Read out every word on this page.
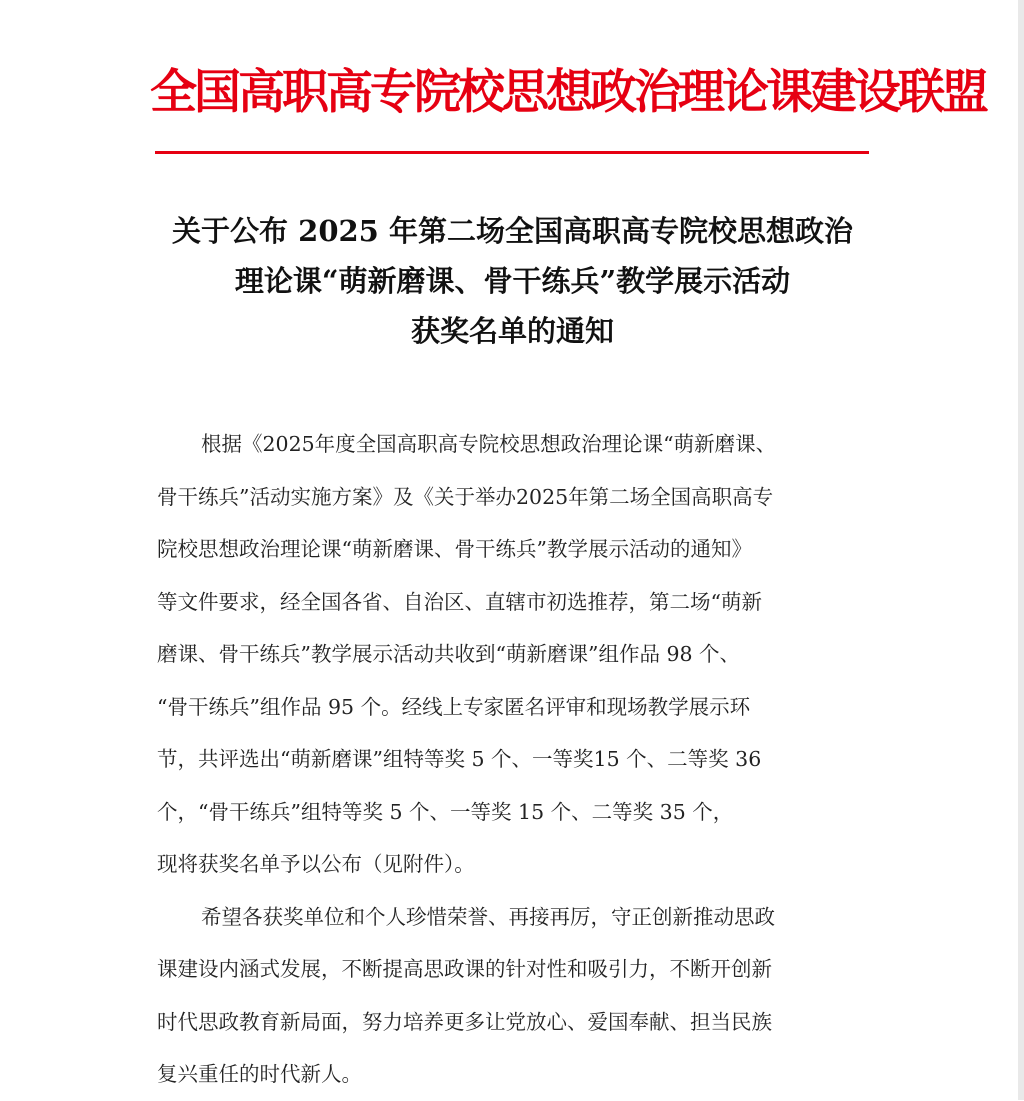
全国高职高专院校思想政治理论课建设联盟
关于公布 2025 年第二场全国高职高专院校思想政治
理论课“萌新磨课、骨干练兵”教学展示活动
获奖名单的通知
根据《2025年度全国高职高专院校思想政治理论课“萌新磨课、
骨干练兵”活动实施方案》及《关于举办2025年第二场全国高职高专
院校思想政治理论课“萌新磨课、骨干练兵”教学展示活动的通知》
等文件要求，经全国各省、自治区、直辖市初选推荐，第二场“萌新
磨课、骨干练兵”教学展示活动共收到“萌新磨课”组作品 98 个、
“骨干练兵”组作品 95 个。经线上专家匿名评审和现场教学展示环
节，共评选出“萌新磨课”组特等奖 5 个、一等奖15 个、二等奖 36
个，“骨干练兵”组特等奖 5 个、一等奖 15 个、二等奖 35 个，
现将获奖名单予以公布（见附件）。
希望各获奖单位和个人珍惜荣誉、再接再厉，守正创新推动思政
课建设内涵式发展，不断提高思政课的针对性和吸引力，不断开创新
时代思政教育新局面，努力培养更多让党放心、爱国奉献、担当民族
复兴重任的时代新人。
